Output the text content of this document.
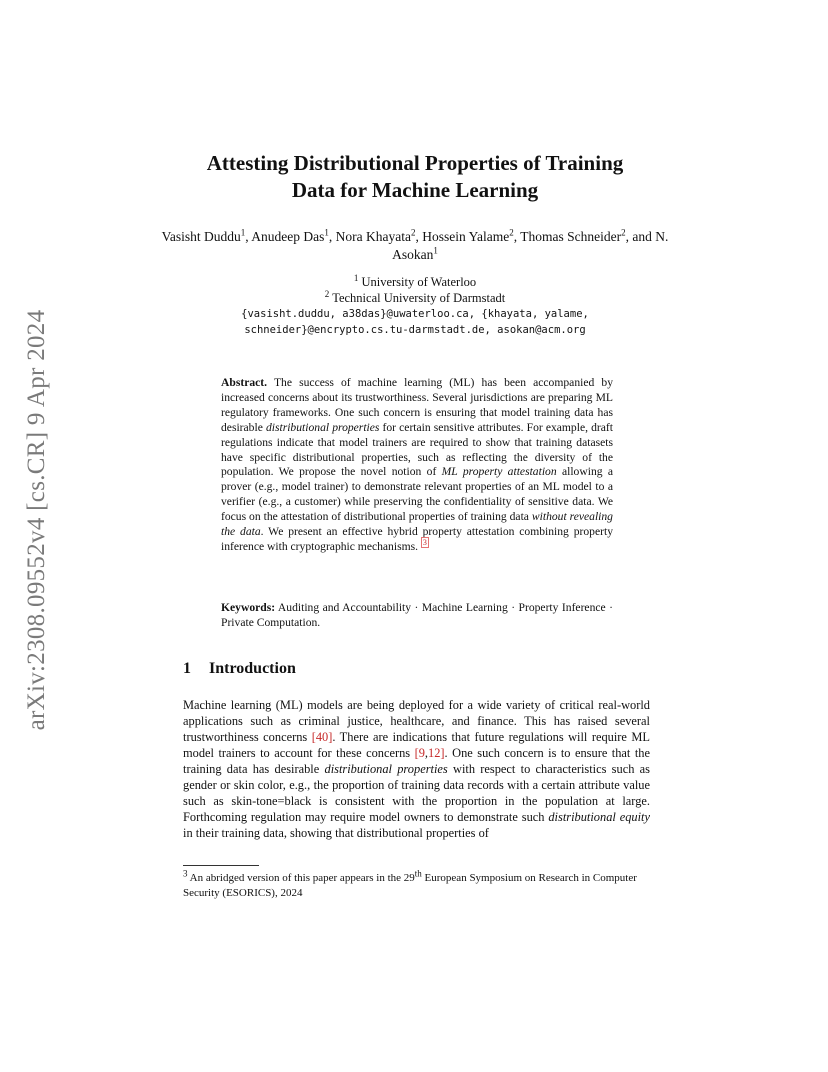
arXiv:2308.09552v4 [cs.CR] 9 Apr 2024
Attesting Distributional Properties of Training
Data for Machine Learning
Vasisht Duddu$^1$, Anudeep Das$^1$, Nora Khayata$^2$, Hossein Yalame$^2$, Thomas Schneider$^2$, and N. Asokan$^1$
$^1$ University of Waterloo
$^2$ Technical University of Darmstadt
{vasisht.duddu, a38das}@uwaterloo.ca, {khayata, yalame,
schneider}@encrypto.cs.tu-darmstadt.de, asokan@acm.org
Abstract. The success of machine learning (ML) has been accompanied by increased concerns about its trustworthiness. Several jurisdictions are preparing ML regulatory frameworks. One such concern is ensuring that model training data has desirable distributional properties for certain sensitive attributes. For example, draft regulations indicate that model trainers are required to show that training datasets have specific distributional properties, such as reflecting the diversity of the population. We propose the novel notion of ML property attestation allowing a prover (e.g., model trainer) to demonstrate relevant properties of an ML model to a verifier (e.g., a customer) while preserving the confidentiality of sensitive data. We focus on the attestation of distributional properties of training data without revealing the data. We present an effective hybrid property attestation combining property inference with cryptographic mechanisms. $^3$
Keywords: Auditing and Accountability · Machine Learning · Property Inference · Private Computation.
1 Introduction
Machine learning (ML) models are being deployed for a wide variety of critical real-world applications such as criminal justice, healthcare, and finance. This has raised several trustworthiness concerns [40]. There are indications that future regulations will require ML model trainers to account for these concerns [9,12]. One such concern is to ensure that the training data has desirable distributional properties with respect to characteristics such as gender or skin color, e.g., the proportion of training data records with a certain attribute value such as skin-tone=black is consistent with the proportion in the population at large. Forthcoming regulation may require model owners to demonstrate such distributional equity in their training data, showing that distributional properties of
$^3$ An abridged version of this paper appears in the 29th European Symposium on Research in Computer Security (ESORICS), 2024
